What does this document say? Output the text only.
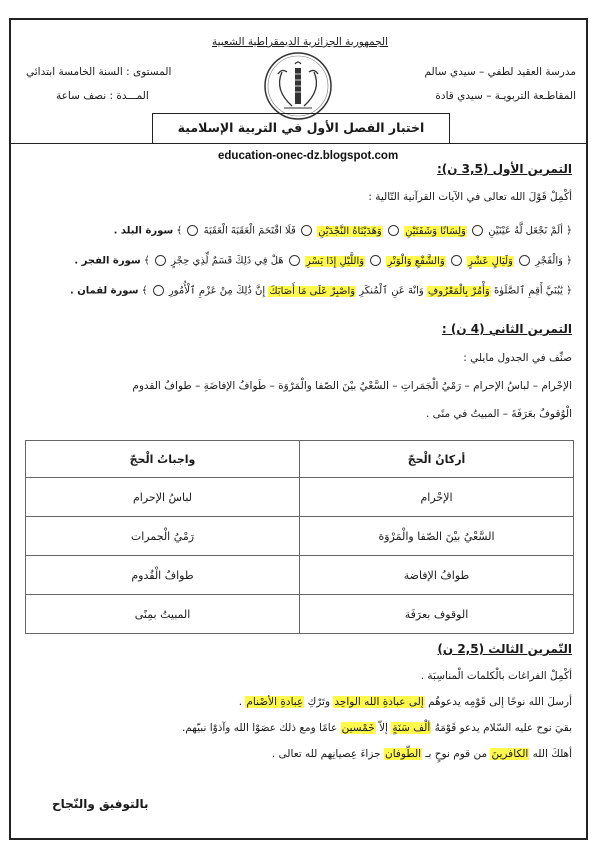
الجمهورية الجزائرية الديمقراطية الشعبية
مدرسة العقيد لطفي – سيدي سالم
المقاطـعة التربويـة – سيدي قادة
المستوى : السنة الخامسة ابتدائي
المـــدة : نصف ساعة
اختبار الفصل الأول في التربية الإسلامية
education-onec-dz.blogspot.com
التمرين الأول (3,5 ن):
أكْمِلْ قَوْلَ الله تعالى في الآيات القرآنية التّالية :
﴿ ألَمْ نَجْعَل لَّهُ عَيْنَيْنِ  وَلِسَانًا وَشَفَتَيْنِ  وَهَدَيْنَاهُ النَّجْدَيْنِ  فَلَا اقْتَحَمَ الْعَقَبَةَ الْعَقَبَةَ  ﴾ سورة البلد .
﴿ وَالْفَجْرِ  وَلَيَالٍ عَشْرٍ  وَالشَّفْعِ وَالْوَتْرِ  وَاللَّيْلِ إِذَا يَسْرِ  هَلْ فِي ذَلِكَ قَسَمٌ لِّذِي حِجْرٍ  ﴾ سورة الفجر .
﴿ يَٰبُنَيَّ أَقِمِ ٱلصَّلَوٰةَ وَأْمُرْ بِالْمَعْرُوفِ وَانْهَ عَنِ ٱلْمُنكَرِ وَاصْبِرْ عَلَى مَا أَصَابَكَ إِنَّ ذَٰلِكَ مِنْ عَزْمِ ٱلْأُمُورِ  ﴾ سورة لقمان .
التمرين الثاني (4 ن) :
صنِّف في الجدول مايلي :
الإحْرام – لباسُ الإحرام – رَمْيُ الْجَمَراتِ – السَّعْيُ بيْنَ الصّفا والْمَرْوَة – طَوافُ الإفاضَةِ – طوافُ القدوم
الْوُقوفُ بعَرَفَةَ – المبيتُ في منًى .
أركانُ الْحجّ	واجباتُ الْحجّ
الإحْرام	لباسُ الإحرام
السَّعْيُ بيْنَ الصّفا والْمَرْوَة	رَمْيُ الْجمرات
طوافُ الإفاضة	طوافُ الْقُدوم
الوقوف بعرَفَة	المبيتُ بمِنًى
التّمرين الثالث (2,5 ن)
أكْمِلْ الفراغات بالْكلمات الْمناسِبَة .
أرسلَ الله نوحًا إلى قَوْمِه يدعوهُم إلى عبادةِ الله الواحِد وتَرْكِ عِبادةِ الأصْنام .
بقيَ نوح عليه السّلام يدعو قَوْمَهُ ألْف سَنَةٍ إلاّ خَمْسين عامًا ومع ذلك عصَوْا الله وآذوْا نبيّهم.
أهلكَ الله الكافرينَ من قوم نوحٍ بـ الطّوفان جزاءَ عِصيانِهم لله تعالى .
بالتوفيق والنّجاح
